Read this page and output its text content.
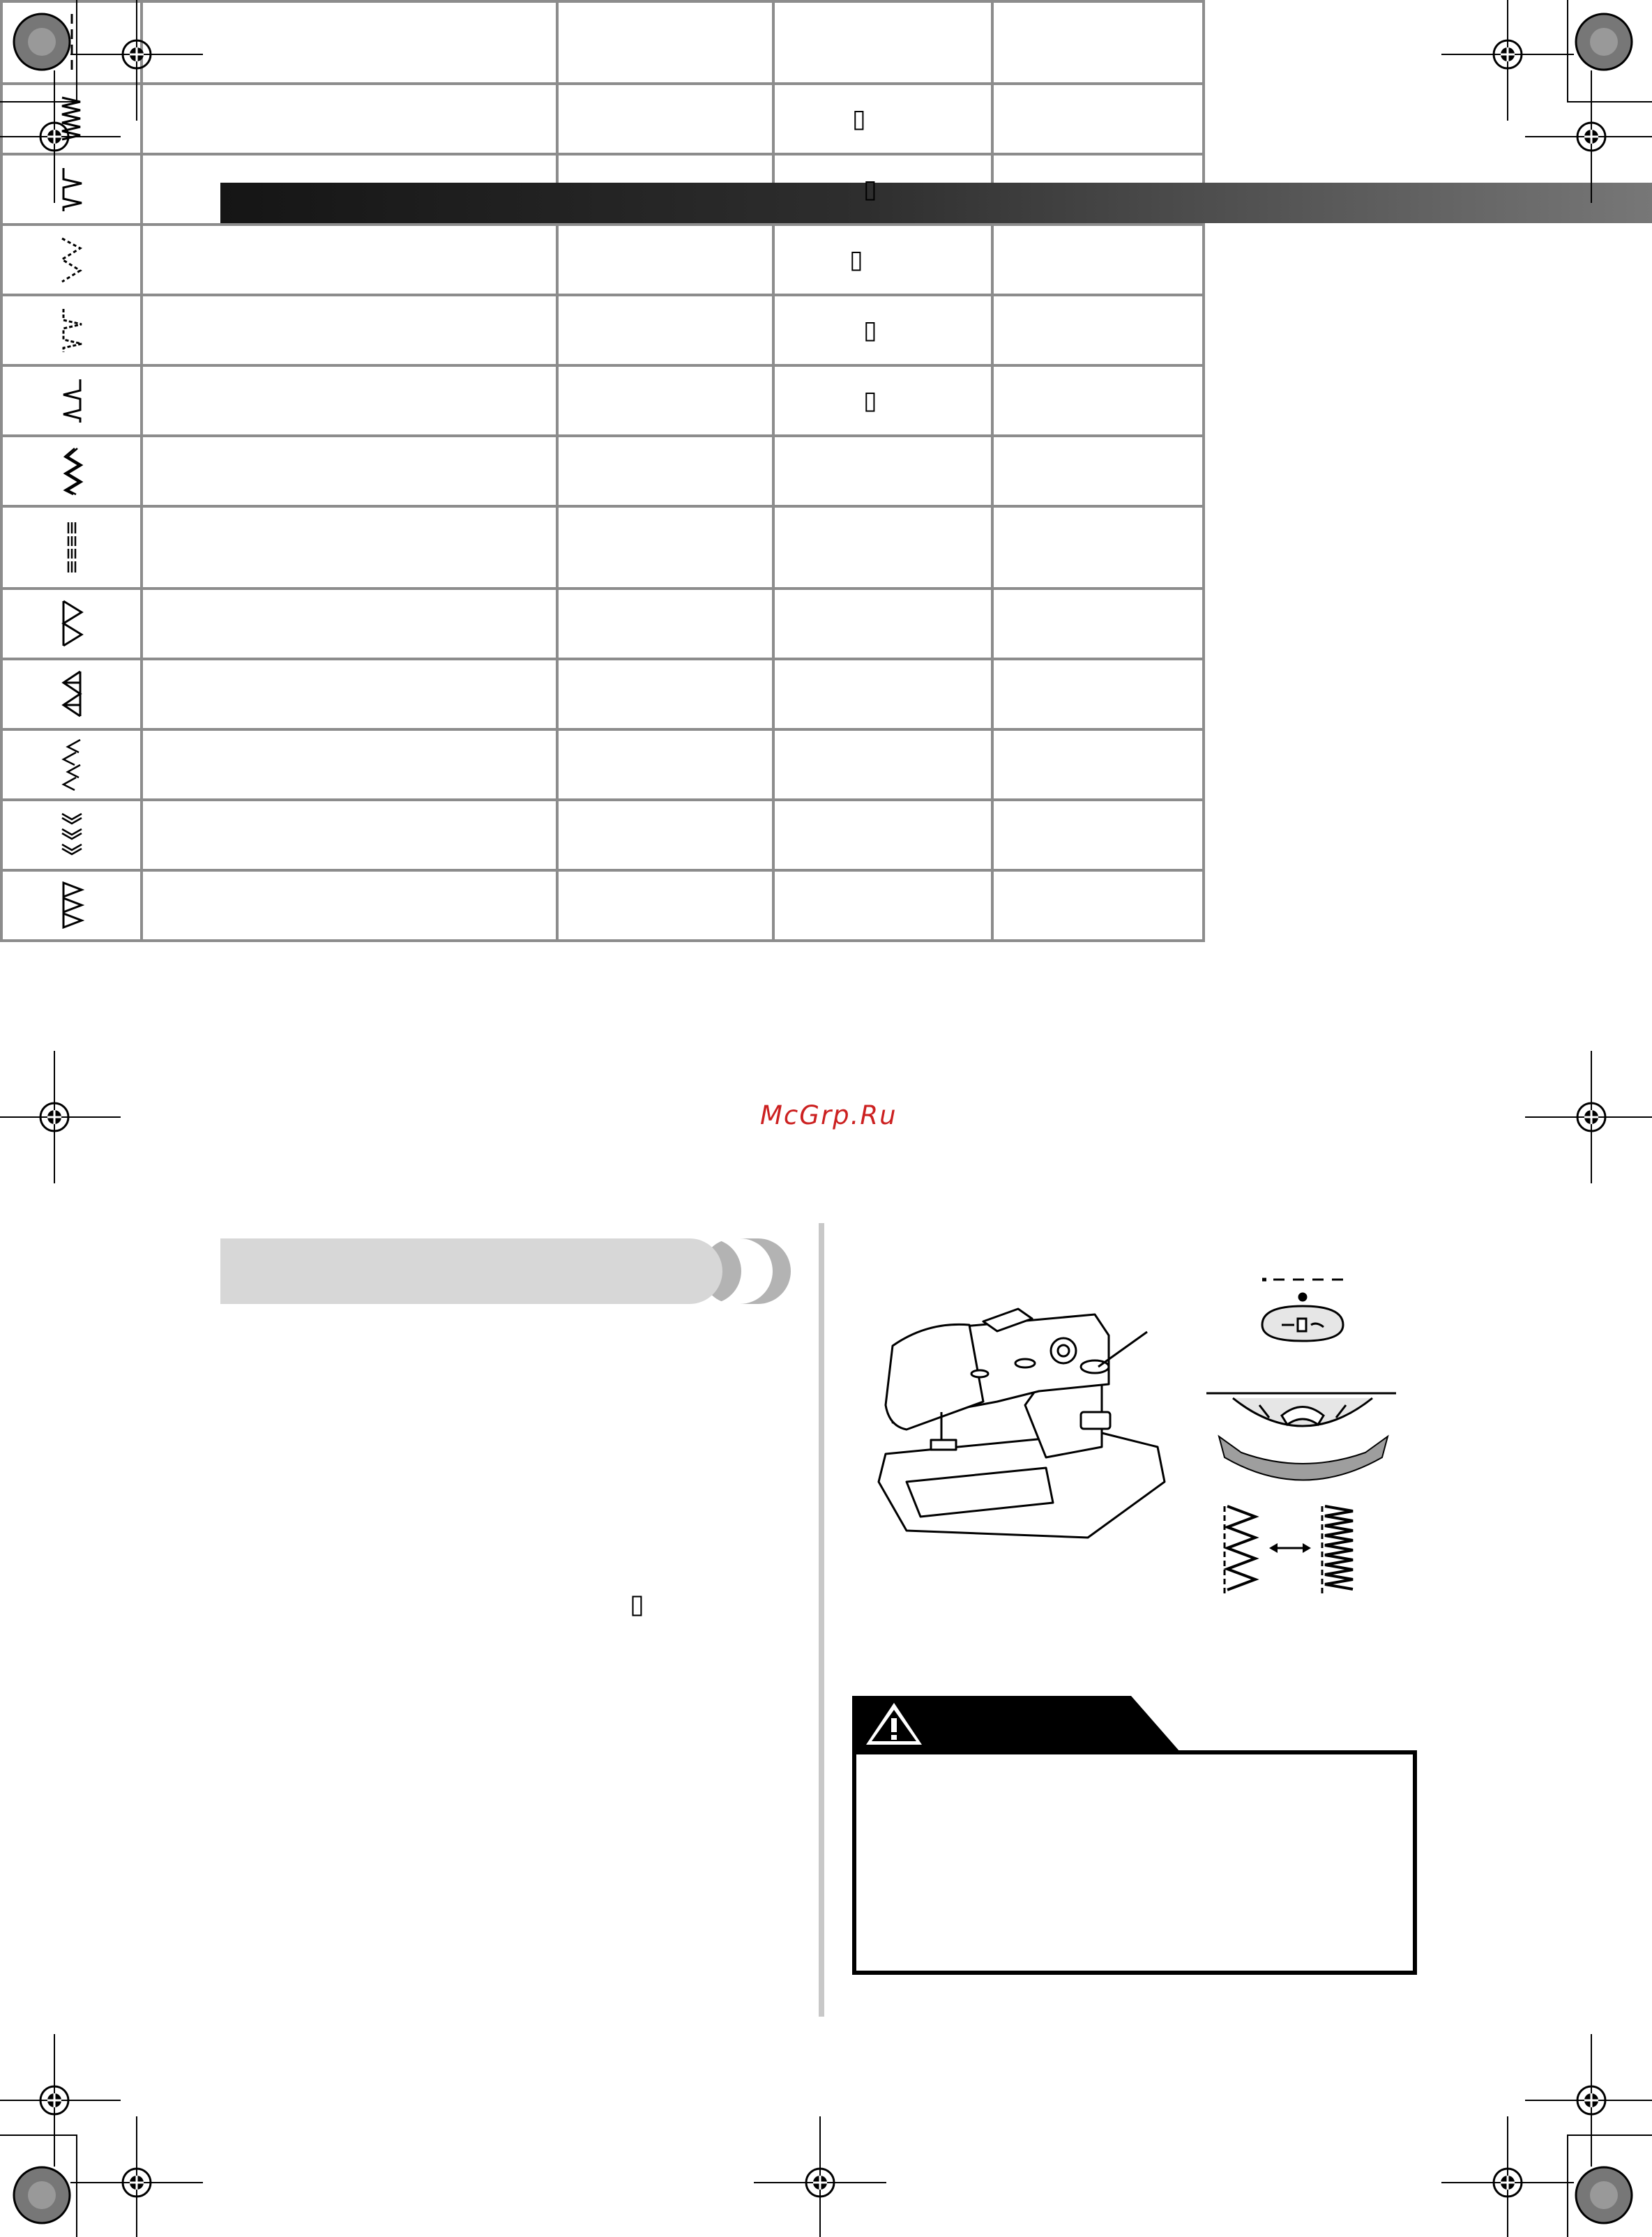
			▯	

			▯	

			▯	

			▯	

			▯	

McGrp.Ru
▯
